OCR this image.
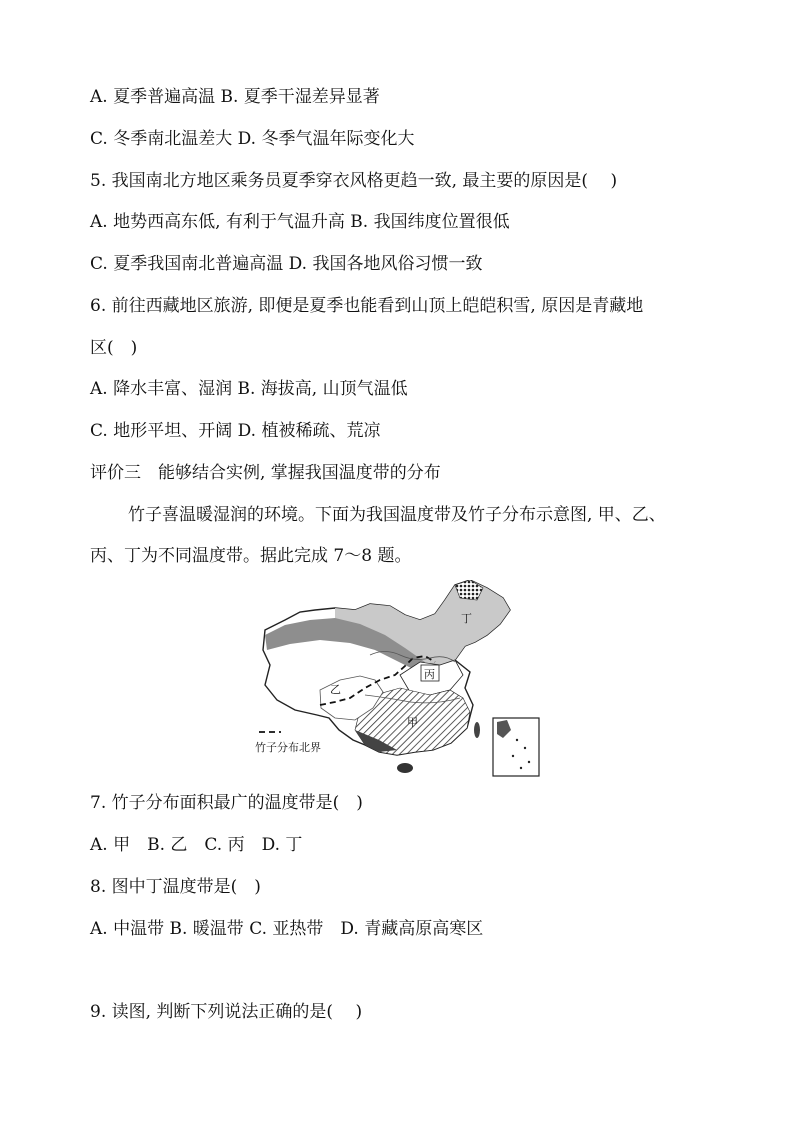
A. 夏季普遍高温 B. 夏季干湿差异显著
C. 冬季南北温差大 D. 冬季气温年际变化大
5. 我国南北方地区乘务员夏季穿衣风格更趋一致, 最主要的原因是(　 )
A. 地势西高东低, 有利于气温升高 B. 我国纬度位置很低
C. 夏季我国南北普遍高温 D. 我国各地风俗习惯一致
6. 前往西藏地区旅游, 即便是夏季也能看到山顶上皑皑积雪, 原因是青藏地
区(　)
A. 降水丰富、湿润 B. 海拔高, 山顶气温低
C. 地形平坦、开阔 D. 植被稀疏、荒凉
评价三　能够结合实例, 掌握我国温度带的分布
竹子喜温暖湿润的环境。下面为我国温度带及竹子分布示意图, 甲、乙、
丙、丁为不同温度带。据此完成 7～8 题。
丁
丙
乙
甲
竹子分布北界
7. 竹子分布面积最广的温度带是(　)
A. 甲　B. 乙　C. 丙　D. 丁
8. 图中丁温度带是(　)
A. 中温带 B. 暖温带 C. 亚热带　D. 青藏高原高寒区
9. 读图, 判断下列说法正确的是(　 )
